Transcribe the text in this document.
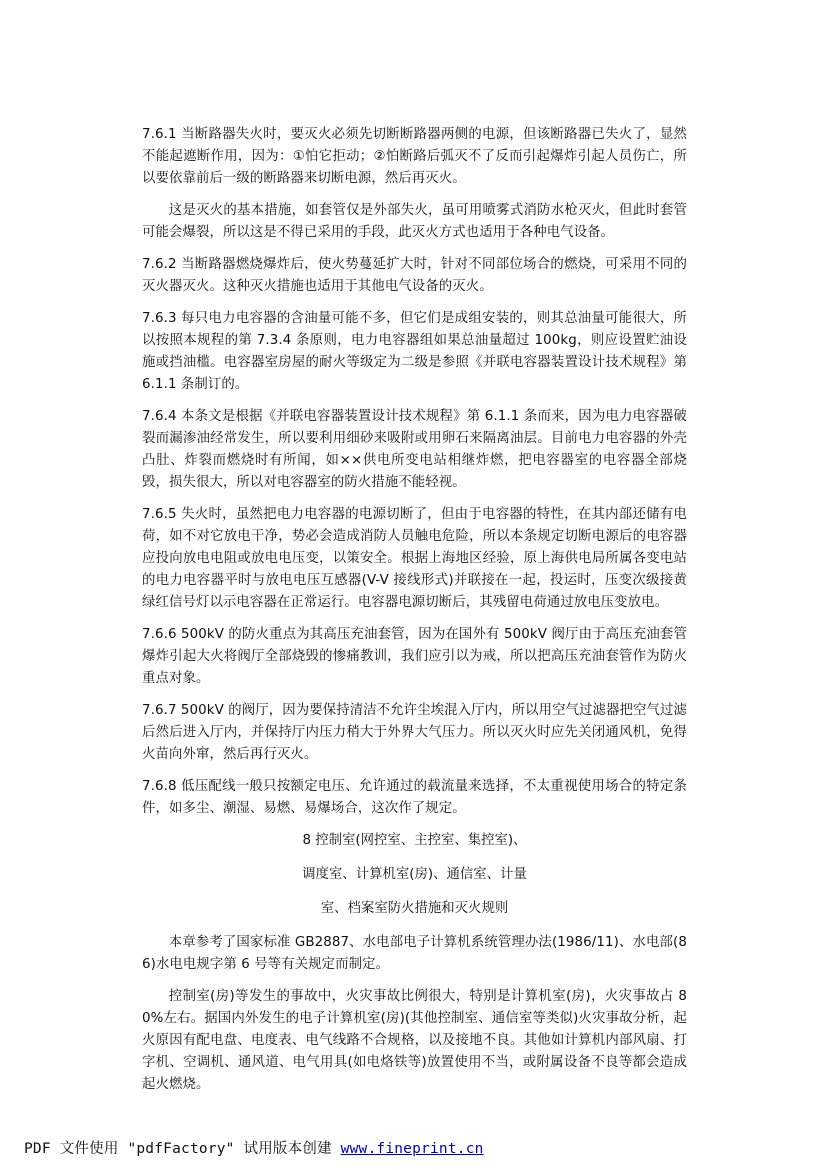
7.6.1 当断路器失火时，要灭火必须先切断断路器两侧的电源，但该断路器已失火了，显然不能起遮断作用，因为：①怕它拒动；②怕断路后弧灭不了反而引起爆炸引起人员伤亡，所以要依靠前后一级的断路器来切断电源，然后再灭火。

这是灭火的基本措施，如套管仅是外部失火，虽可用喷雾式消防水枪灭火，但此时套管可能会爆裂，所以这是不得已采用的手段，此灭火方式也适用于各种电气设备。

7.6.2 当断路器燃烧爆炸后，使火势蔓延扩大时，针对不同部位场合的燃烧，可采用不同的灭火器灭火。这种灭火措施也适用于其他电气设备的灭火。

7.6.3 每只电力电容器的含油量可能不多，但它们是成组安装的，则其总油量可能很大，所以按照本规程的第 7.3.4 条原则，电力电容器组如果总油量超过 100kg，则应设置贮油设施或挡油槛。电容器室房屋的耐火等级定为二级是参照《并联电容器装置设计技术规程》第 6.1.1 条制订的。

7.6.4 本条文是根据《并联电容器装置设计技术规程》第 6.1.1 条而来，因为电力电容器破裂而漏渗油经常发生，所以要利用细砂来吸附或用卵石来隔离油层。目前电力电容器的外壳凸肚、炸裂而燃烧时有所闻，如××供电所变电站相继炸燃，把电容器室的电容器全部烧毁，损失很大，所以对电容器室的防火措施不能轻视。

7.6.5 失火时，虽然把电力电容器的电源切断了，但由于电容器的特性，在其内部还储有电荷，如不对它放电干净，势必会造成消防人员触电危险，所以本条规定切断电源后的电容器应投向放电电阻或放电电压变，以策安全。根据上海地区经验，原上海供电局所属各变电站的电力电容器平时与放电电压互感器(V-V 接线形式)并联接在一起，投运时，压变次级接黄绿红信号灯以示电容器在正常运行。电容器电源切断后，其残留电荷通过放电压变放电。

7.6.6 500kV 的防火重点为其高压充油套管，因为在国外有 500kV 阀厅由于高压充油套管爆炸引起大火将阀厅全部烧毁的惨痛教训，我们应引以为戒，所以把高压充油套管作为防火重点对象。

7.6.7 500kV 的阀厅，因为要保持清洁不允许尘埃混入厅内，所以用空气过滤器把空气过滤后然后进入厅内，并保持厅内压力稍大于外界大气压力。所以灭火时应先关闭通风机，免得火苗向外窜，然后再行灭火。

7.6.8 低压配线一般只按额定电压、允许通过的载流量来选择，不太重视使用场合的特定条件，如多尘、潮湿、易燃、易爆场合，这次作了规定。

8 控制室(网控室、主控室、集控室)、
调度室、计算机室(房)、通信室、计量
室、档案室防火措施和灭火规则

本章参考了国家标准 GB2887、水电部电子计算机系统管理办法(1986/11)、水电部(86)水电电规字第 6 号等有关规定而制定。

控制室(房)等发生的事故中，火灾事故比例很大，特别是计算机室(房)，火灾事故占 80%左右。据国内外发生的电子计算机室(房)(其他控制室、通信室等类似)火灾事故分析，起火原因有配电盘、电度表、电气线路不合规格，以及接地不良。其他如计算机内部风扇、打字机、空调机、通风道、电气用具(如电烙铁等)放置使用不当，或附属设备不良等都会造成起火燃烧。

PDF 文件使用 "pdfFactory" 试用版本创建 www.fineprint.cn
